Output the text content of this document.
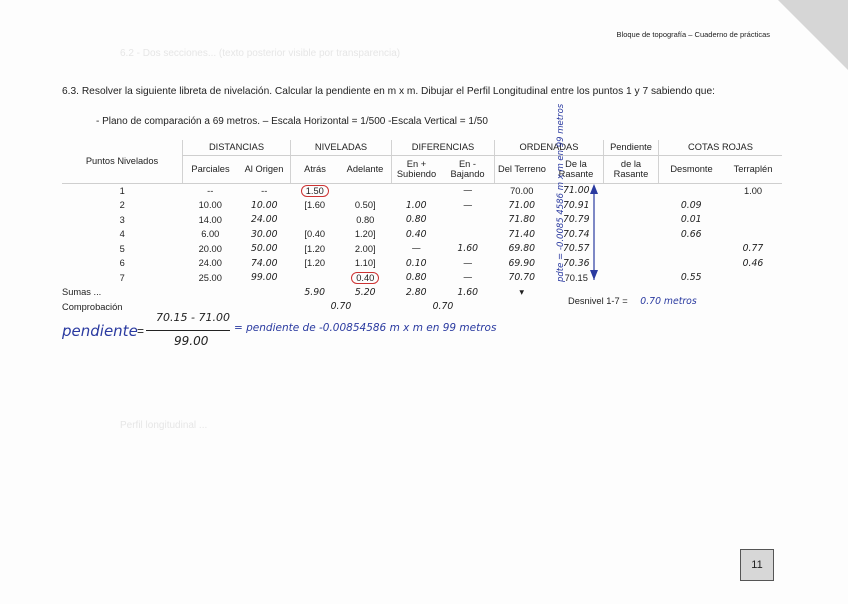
6.2 - Dos secciones... (texto posterior visible por transparencia)
Perfil longitudinal ...
Bloque de topografía – Cuaderno de prácticas
6.3. Resolver la siguiente libreta de nivelación. Calcular la pendiente en m x m. Dibujar el Perfil Longitudinal entre los puntos 1 y 7 sabiendo que:
- Plano de comparación a 69 metros. – Escala Horizontal = 1/500 -Escala Vertical = 1/50
Puntos Nivelados	DISTANCIAS		NIVELADAS		DIFERENCIAS		ORDENADAS		Pendiente	COTAS ROJAS	
	Parciales	Al Origen	Atrás	Adelante	En + Subiendo	En - Bajando	Del Terreno	De la Rasante	de la Rasante	Desmonte	Terraplén
1	--	--	1.50			—	70.00	71.00			1.00
2	10.00	10.00	[1.60	0.50]	1.00	—	71.00	70.91		0.09	
3	14.00	24.00		0.80	0.80		71.80	70.79		0.01	
4	6.00	30.00	[0.40	1.20]	0.40		71.40	70.74		0.66	
5	20.00	50.00	[1.20	2.00]	—	1.60	69.80	70.57			0.77
6	24.00	74.00	[1.20	1.10]	0.10	—	69.90	70.36			0.46
7	25.00	99.00		0.40	0.80	—	70.70	70.15		0.55	
Sumas ...			5.90	5.20	2.80	1.60	▾				
Comprobación			0.70		0.70						
Desnivel 1-7 = 0.70 metros
pdte = -0.0085 4586 m x m en 99 metros
pendiente =
70.15 - 71.00
99.00
= pendiente de -0.00854586 m x m en 99 metros
11
